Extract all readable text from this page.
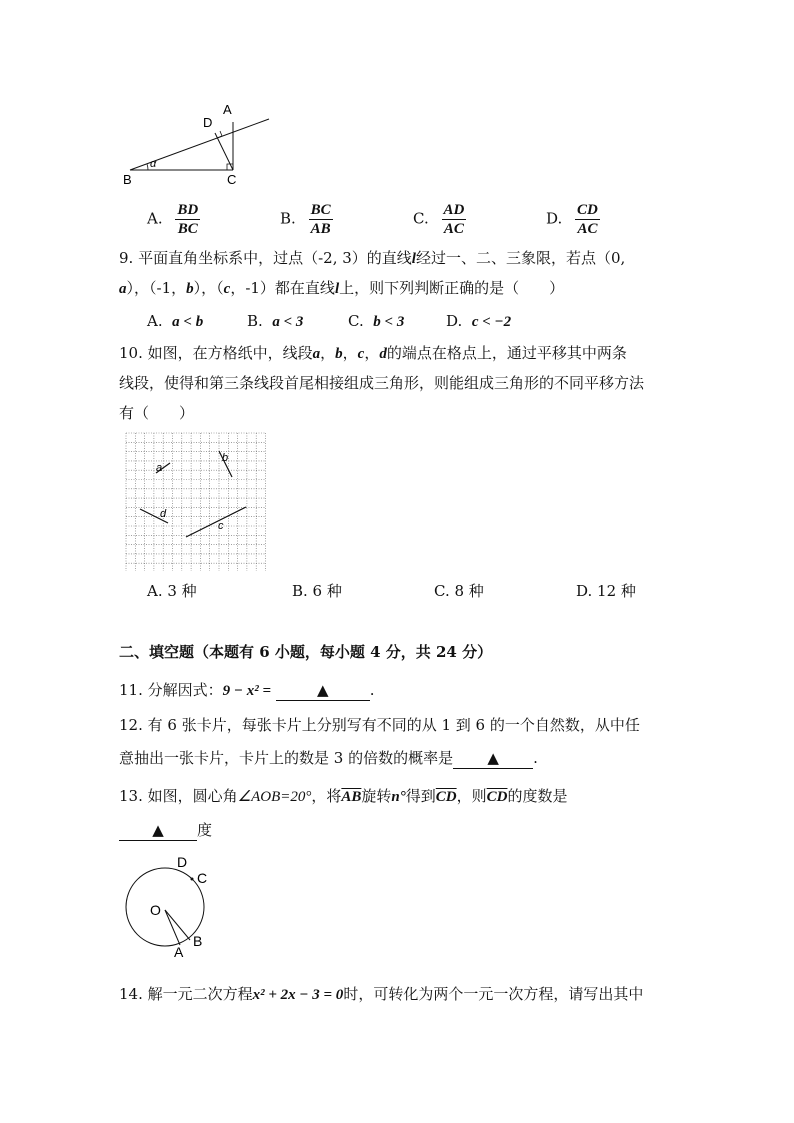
B	C
A
D
α
A. $\frac{BD}{BC}$	B. $\frac{BC}{AB}$	C. $\frac{AD}{AC}$	D. $\frac{CD}{AC}$
9. 平面直角坐标系中，过点（-2, 3）的直线l经过一、二、三象限，若点（0,
a），（-1，b），（c，-1）都在直线l上，则下列判断正确的是（　　）
A. a < b	B. a < 3	C. b < 3	D. c < −2
10. 如图，在方格纸中，线段a，b，c，d的端点在格点上，通过平移其中两条
线段，使得和第三条线段首尾相接组成三角形，则能组成三角形的不同平移方法
有（　　）
a
b
d
c
A. 3 种	B. 6 种	C. 8 种	D. 12 种
二、填空题（本题有 6 小题，每小题 4 分，共 24 分）
11. 分解因式：9 − x² =	▲	.
12. 有 6 张卡片，每张卡片上分别写有不同的从 1 到 6 的一个自然数，从中任
意抽出一张卡片，卡片上的数是 3 的倍数的概率是 ▲ .
13. 如图，圆心角∠AOB=20°，将$\overline{AB}$旋转n°得到$\overline{CD}$，则$\overline{CD}$的度数是
▲ 度
O
A
B
C
D
14. 解一元二次方程x² + 2x − 3 = 0时，可转化为两个一元一次方程，请写出其中
